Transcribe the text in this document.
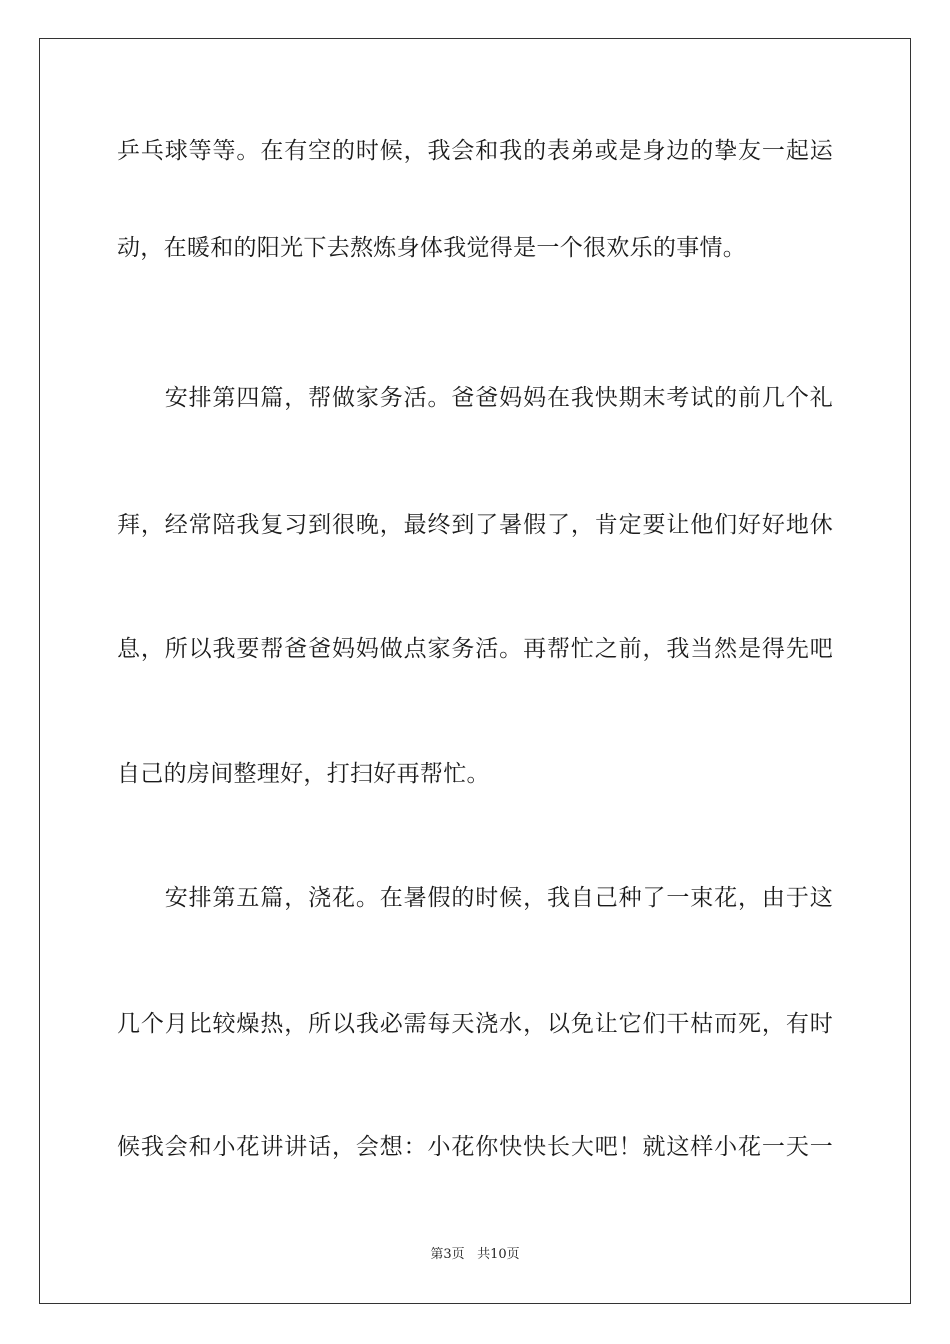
乒乓球等等。在有空的时候，我会和我的表弟或是身边的挚友一起运
动，在暖和的阳光下去熬炼身体我觉得是一个很欢乐的事情。
　　安排第四篇，帮做家务活。爸爸妈妈在我快期末考试的前几个礼
拜，经常陪我复习到很晚，最终到了暑假了，肯定要让他们好好地休
息，所以我要帮爸爸妈妈做点家务活。再帮忙之前，我当然是得先吧
自己的房间整理好，打扫好再帮忙。
　　安排第五篇，浇花。在暑假的时候，我自己种了一束花，由于这
几个月比较燥热，所以我必需每天浇水，以免让它们干枯而死，有时
候我会和小花讲讲话，会想：小花你快快长大吧！就这样小花一天一
第3页 共10页
